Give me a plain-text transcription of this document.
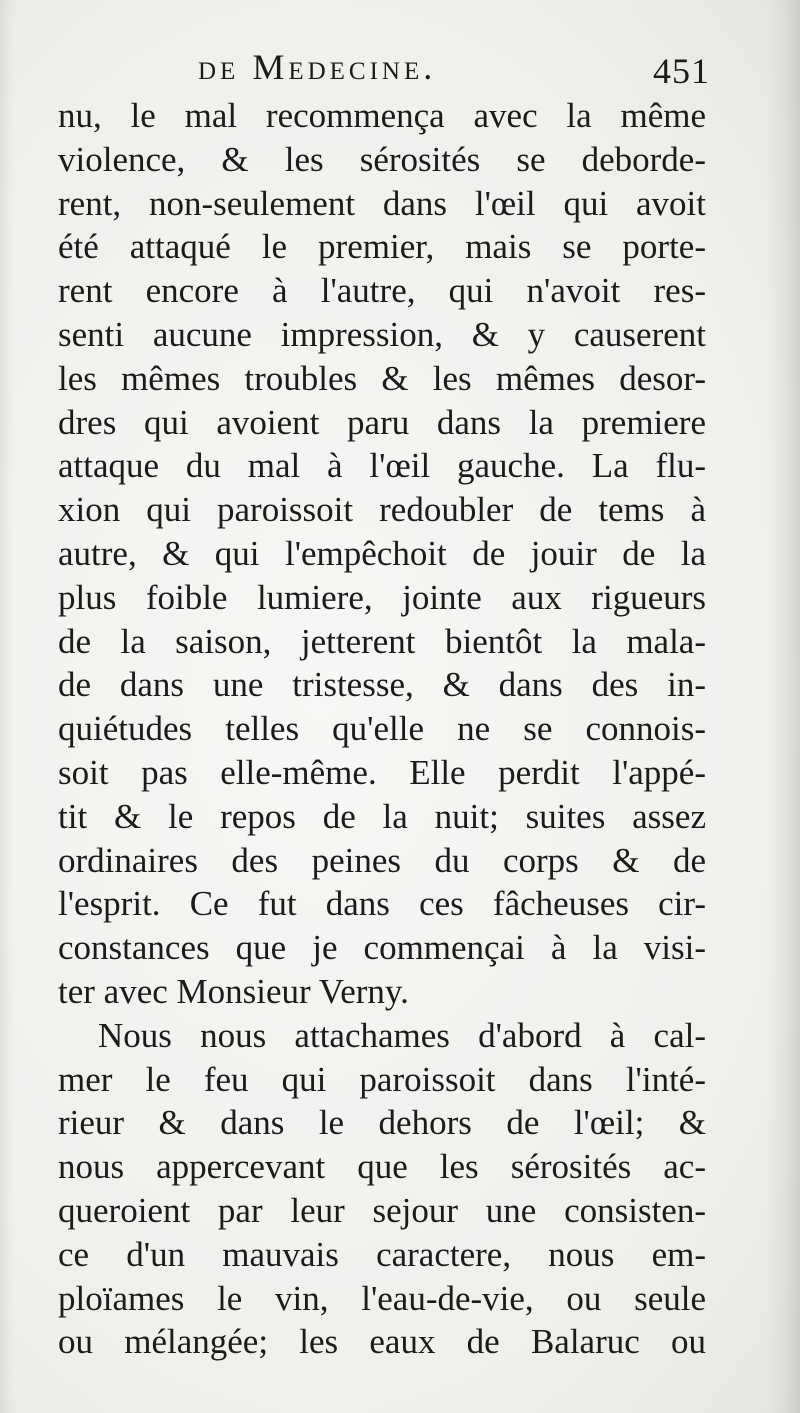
de Medecine.	451
nu, le mal recommença avec la même
violence, & les sérosités se deborde-
rent, non-seulement dans l'œil qui avoit
été attaqué le premier, mais se porte-
rent encore à l'autre, qui n'avoit res-
senti aucune impression, & y causerent
les mêmes troubles & les mêmes desor-
dres qui avoient paru dans la premiere
attaque du mal à l'œil gauche. La flu-
xion qui paroissoit redoubler de tems à
autre, & qui l'empêchoit de jouir de la
plus foible lumiere, jointe aux rigueurs
de la saison, jetterent bientôt la mala-
de dans une tristesse, & dans des in-
quiétudes telles qu'elle ne se connois-
soit pas elle-même. Elle perdit l'appé-
tit & le repos de la nuit; suites assez
ordinaires des peines du corps & de
l'esprit. Ce fut dans ces fâcheuses cir-
constances que je commençai à la visi-
ter avec Monsieur Verny.
Nous nous attachames d'abord à cal-
mer le feu qui paroissoit dans l'inté-
rieur & dans le dehors de l'œil; &
nous appercevant que les sérosités ac-
queroient par leur sejour une consisten-
ce d'un mauvais caractere, nous em-
ploïames le vin, l'eau-de-vie, ou seule
ou mélangée; les eaux de Balaruc ou
